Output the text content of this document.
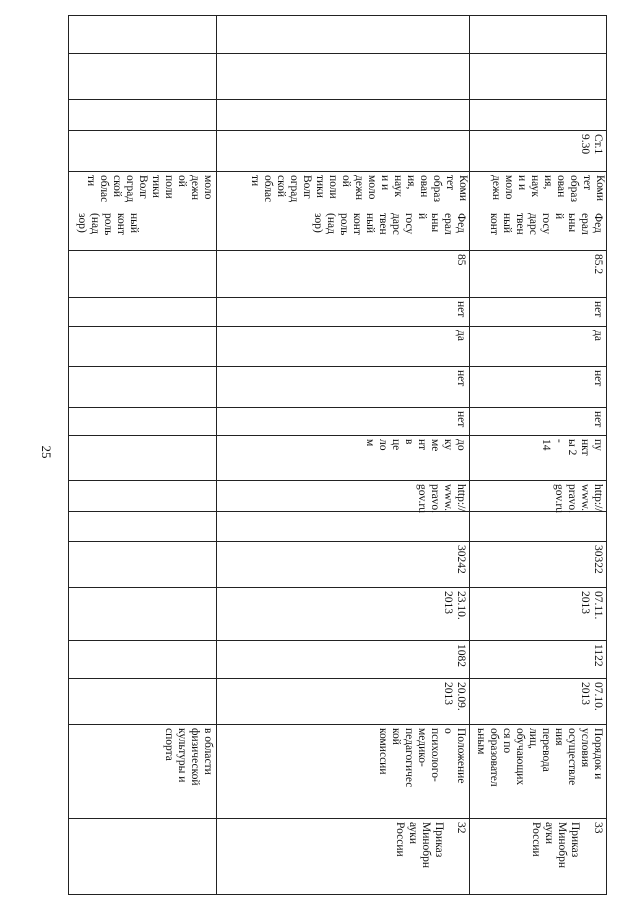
25
в области
физической
культуры и
спорта
ный
конт
роль
(над
зор)
моло
дежн
ой
поли
тики
Волг
оград
ской
облас
ти
32
Приказ
Минобрн
ауки
России
Положение
о
психолого-
медико-
педагогичес
кой
комиссии
20.09.
2013
1082
23.10.
2013
30242
http://
www.
pravo.
gov.ru
до
ку
ме
нт
в
це
ло
м
нет
нет
да
нет
85
Фед
ерал
ьны
й
госу
дарс
твен
ный
конт
роль
(над
зор)
Коми
тет
образ
ован
ия,
наук
и и
моло
дежн
ой
поли
тики
Волг
оград
ской
облас
ти
33
Приказ
Минобрн
ауки
России
Порядок и
условия
осуществле
ния
перевода
лиц,
обучающих
ся по
образовател
ьным
07.10.
2013
1122
07.11.
2013
30322
http://
www.
pravo.
gov.ru
пу
нкт
ы 2
-
14
нет
нет
да
нет
85.2
Фед
ерал
ьны
й
госу
дарс
твен
ный
конт
Коми
тет
образ
ован
ия,
наук
и и
моло
дежн
Ст.1
9.30
